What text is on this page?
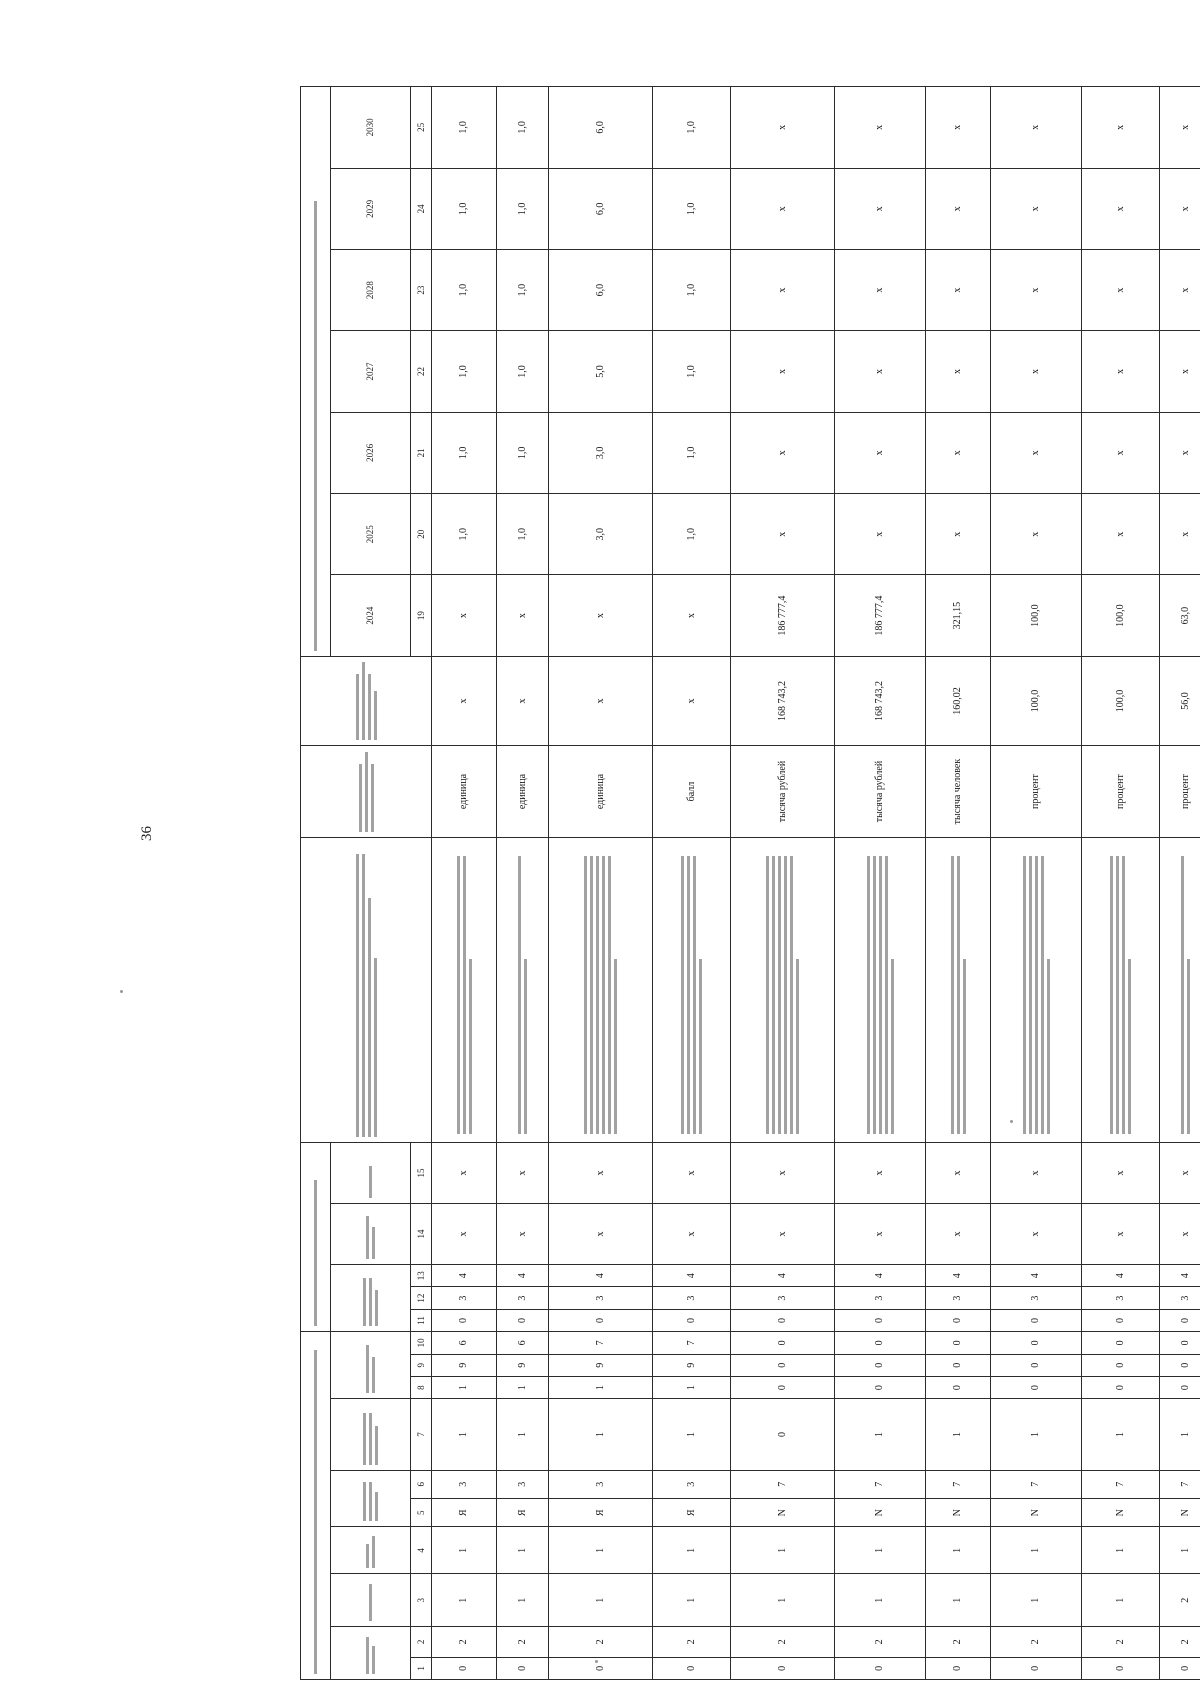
36

										2024	2025	2026	2027	2028	2029	2030
1	2	3	4	5	6	7	8	9	10	11	12	13	14	15				19	20	21	22	23	24	25
0	2	1	1	Я	3	1	1	9	6	0	3	4	x	x		единица	x	x	1,0	1,0	1,0	1,0	1,0	1,0
0	2	1	1	Я	3	1	1	9	6	0	3	4	x	x		единица	x	x	1,0	1,0	1,0	1,0	1,0	1,0
0	2	1	1	Я	3	1	1	9	7	0	3	4	x	x		единица	x	x	3,0	3,0	5,0	6,0	6,0	6,0
0	2	1	1	Я	3	1	1	9	7	0	3	4	x	x		балл	x	x	1,0	1,0	1,0	1,0	1,0	1,0
0	2	1	1	N	7	0	0	0	0	0	3	4	x	x		тысяча рублей	168 743,2	186 777,4	x	x	x	x	x	x
0	2	1	1	N	7	1	0	0	0	0	3	4	x	x		тысяча рублей	168 743,2	186 777,4	x	x	x	x	x	x
0	2	1	1	N	7	1	0	0	0	0	3	4	x	x		тысяча человек	160,02	321,15	x	x	x	x	x	x
0	2	1	1	N	7	1	0	0	0	0	3	4	x	x		процент	100,0	100,0	x	x	x	x	x	x
0	2	1	1	N	7	1	0	0	0	0	3	4	x	x		процент	100,0	100,0	x	x	x	x	x	x
0	2	2	1	N	7	1	0	0	0	0	3	4	x	x		процент	56,0	63,0	x	x	x	x	x	x
